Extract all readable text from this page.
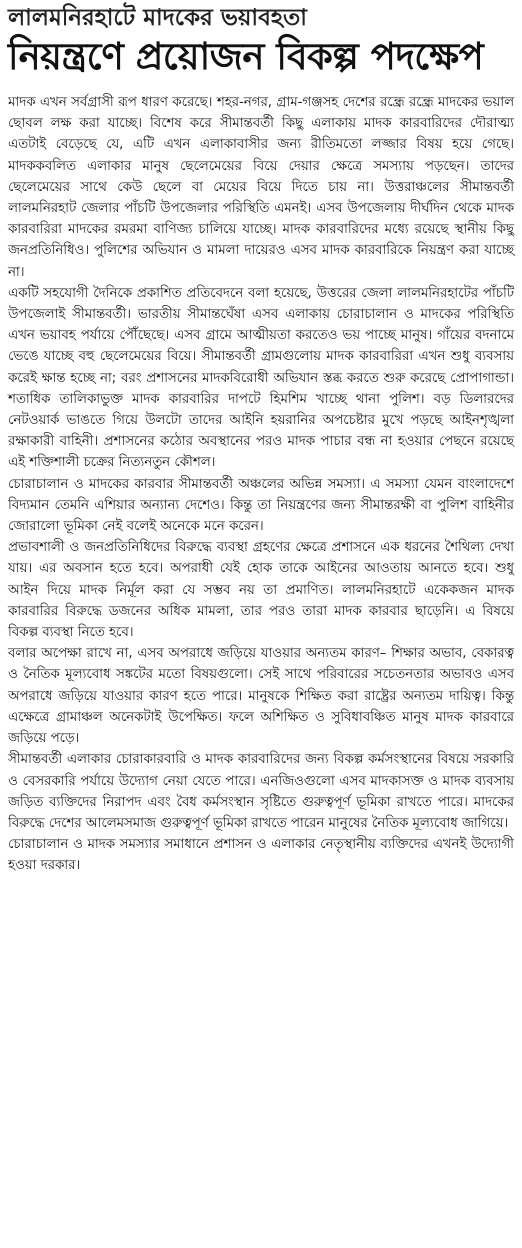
লালমনিরহাটে মাদকের ভয়াবহতা
নিয়ন্ত্রণে প্রয়োজন বিকল্প পদক্ষেপ

মাদক এখন সর্বগ্রাসী রূপ ধারণ করেছে। শহর-নগর, গ্রাম-গঞ্জসহ দেশের রন্ধ্রে রন্ধ্রে মাদকের ভয়াল ছোবল লক্ষ করা যাচ্ছে। বিশেষ করে সীমান্তবর্তী কিছু এলাকায় মাদক কারবারিদের দৌরাত্ম্য এতটাই বেড়েছে যে, এটি এখন এলাকাবাসীর জন্য রীতিমতো লজ্জার বিষয় হয়ে গেছে। মাদককবলিত এলাকার মানুষ ছেলেমেয়ের বিয়ে দেয়ার ক্ষেত্রে সমস্যায় পড়ছেন। তাদের ছেলেমেয়ের সাথে কেউ ছেলে বা মেয়ের বিয়ে দিতে চায় না। উত্তরাঞ্চলের সীমান্তবর্তী লালমনিরহাট জেলার পাঁচটি উপজেলার পরিস্থিতি এমনই। এসব উপজেলায় দীর্ঘদিন থেকে মাদক কারবারিরা মাদকের রমরমা বাণিজ্য চালিয়ে যাচ্ছে। মাদক কারবারিদের মধ্যে রয়েছে স্থানীয় কিছু জনপ্রতিনিধিও। পুলিশের অভিযান ও মামলা দায়েরও এসব মাদক কারবারিকে নিয়ন্ত্রণ করা যাচ্ছে না।

একটি সহযোগী দৈনিকে প্রকাশিত প্রতিবেদনে বলা হয়েছে, উত্তরের জেলা লালমনিরহাটের পাঁচটি উপজেলাই সীমান্তবর্তী। ভারতীয় সীমান্তঘেঁষা এসব এলাকায় চোরাচালান ও মাদকের পরিস্থিতি এখন ভয়াবহ পর্যায়ে পৌঁছেছে। এসব গ্রামে আত্মীয়তা করতেও ভয় পাচ্ছে মানুষ। গাঁয়ের বদনামে ভেঙে যাচ্ছে বহু ছেলেমেয়ের বিয়ে। সীমান্তবর্তী গ্রামগুলোয় মাদক কারবারিরা এখন শুধু ব্যবসায় করেই ক্ষান্ত হচ্ছে না; বরং প্রশাসনের মাদকবিরোধী অভিযান স্তব্ধ করতে শুরু করেছে প্রোপাগান্ডা। শতাধিক তালিকাভুক্ত মাদক কারবারির দাপটে হিমশিম খাচ্ছে থানা পুলিশ। বড় ডিলারদের নেটওয়ার্ক ভাঙতে গিয়ে উলটো তাদের আইনি হয়রানির অপচেষ্টার মুখে পড়ছে আইনশৃঙ্খলা রক্ষাকারী বাহিনী। প্রশাসনের কঠোর অবস্থানের পরও মাদক পাচার বন্ধ না হওয়ার পেছনে রয়েছে এই শক্তিশালী চক্রের নিত্যনতুন কৌশল।

চোরাচালান ও মাদকের কারবার সীমান্তবর্তী অঞ্চলের অভিন্ন সমস্যা। এ সমস্যা যেমন বাংলাদেশে বিদ্যমান তেমনি এশিয়ার অন্যান্য দেশেও। কিন্তু তা নিয়ন্ত্রণের জন্য সীমান্তরক্ষী বা পুলিশ বাহিনীর জোরালো ভূমিকা নেই বলেই অনেকে মনে করেন।

প্রভাবশালী ও জনপ্রতিনিধিদের বিরুদ্ধে ব্যবস্থা গ্রহণের ক্ষেত্রে প্রশাসনে এক ধরনের শৈথিল্য দেখা যায়। এর অবসান হতে হবে। অপরাধী যেই হোক তাকে আইনের আওতায় আনতে হবে। শুধু আইন দিয়ে মাদক নির্মূল করা যে সম্ভব নয় তা প্রমাণিত। লালমনিরহাটে একেকজন মাদক কারবারির বিরুদ্ধে ডজনের অধিক মামলা, তার পরও তারা মাদক কারবার ছাড়েনি। এ বিষয়ে বিকল্প ব্যবস্থা নিতে হবে।

বলার অপেক্ষা রাখে না, এসব অপরাধে জড়িয়ে যাওয়ার অন্যতম কারণ– শিক্ষার অভাব, বেকারত্ব ও নৈতিক মূল্যবোধ সঙ্কটের মতো বিষয়গুলো। সেই সাথে পরিবারের সচেতনতার অভাবও এসব অপরাধে জড়িয়ে যাওয়ার কারণ হতে পারে। মানুষকে শিক্ষিত করা রাষ্ট্রের অন্যতম দায়িত্ব। কিন্তু এক্ষেত্রে গ্রামাঞ্চল অনেকটাই উপেক্ষিত। ফলে অশিক্ষিত ও সুবিধাবঞ্চিত মানুষ মাদক কারবারে জড়িয়ে পড়ে।

সীমান্তবর্তী এলাকার চোরাকারবারি ও মাদক কারবারিদের জন্য বিকল্প কর্মসংস্থানের বিষয়ে সরকারি ও বেসরকারি পর্যায়ে উদ্যোগ নেয়া যেতে পারে। এনজিওগুলো এসব মাদকাসক্ত ও মাদক ব্যবসায় জড়িত ব্যক্তিদের নিরাপদ এবং বৈধ কর্মসংস্থান সৃষ্টিতে গুরুত্বপূর্ণ ভূমিকা রাখতে পারে। মাদকের বিরুদ্ধে দেশের আলেমসমাজ গুরুত্বপূর্ণ ভূমিকা রাখতে পারেন মানুষের নৈতিক মূল্যবোধ জাগিয়ে।

চোরাচালান ও মাদক সমস্যার সমাধানে প্রশাসন ও এলাকার নেতৃস্থানীয় ব্যক্তিদের এখনই উদ্যোগী হওয়া দরকার।
